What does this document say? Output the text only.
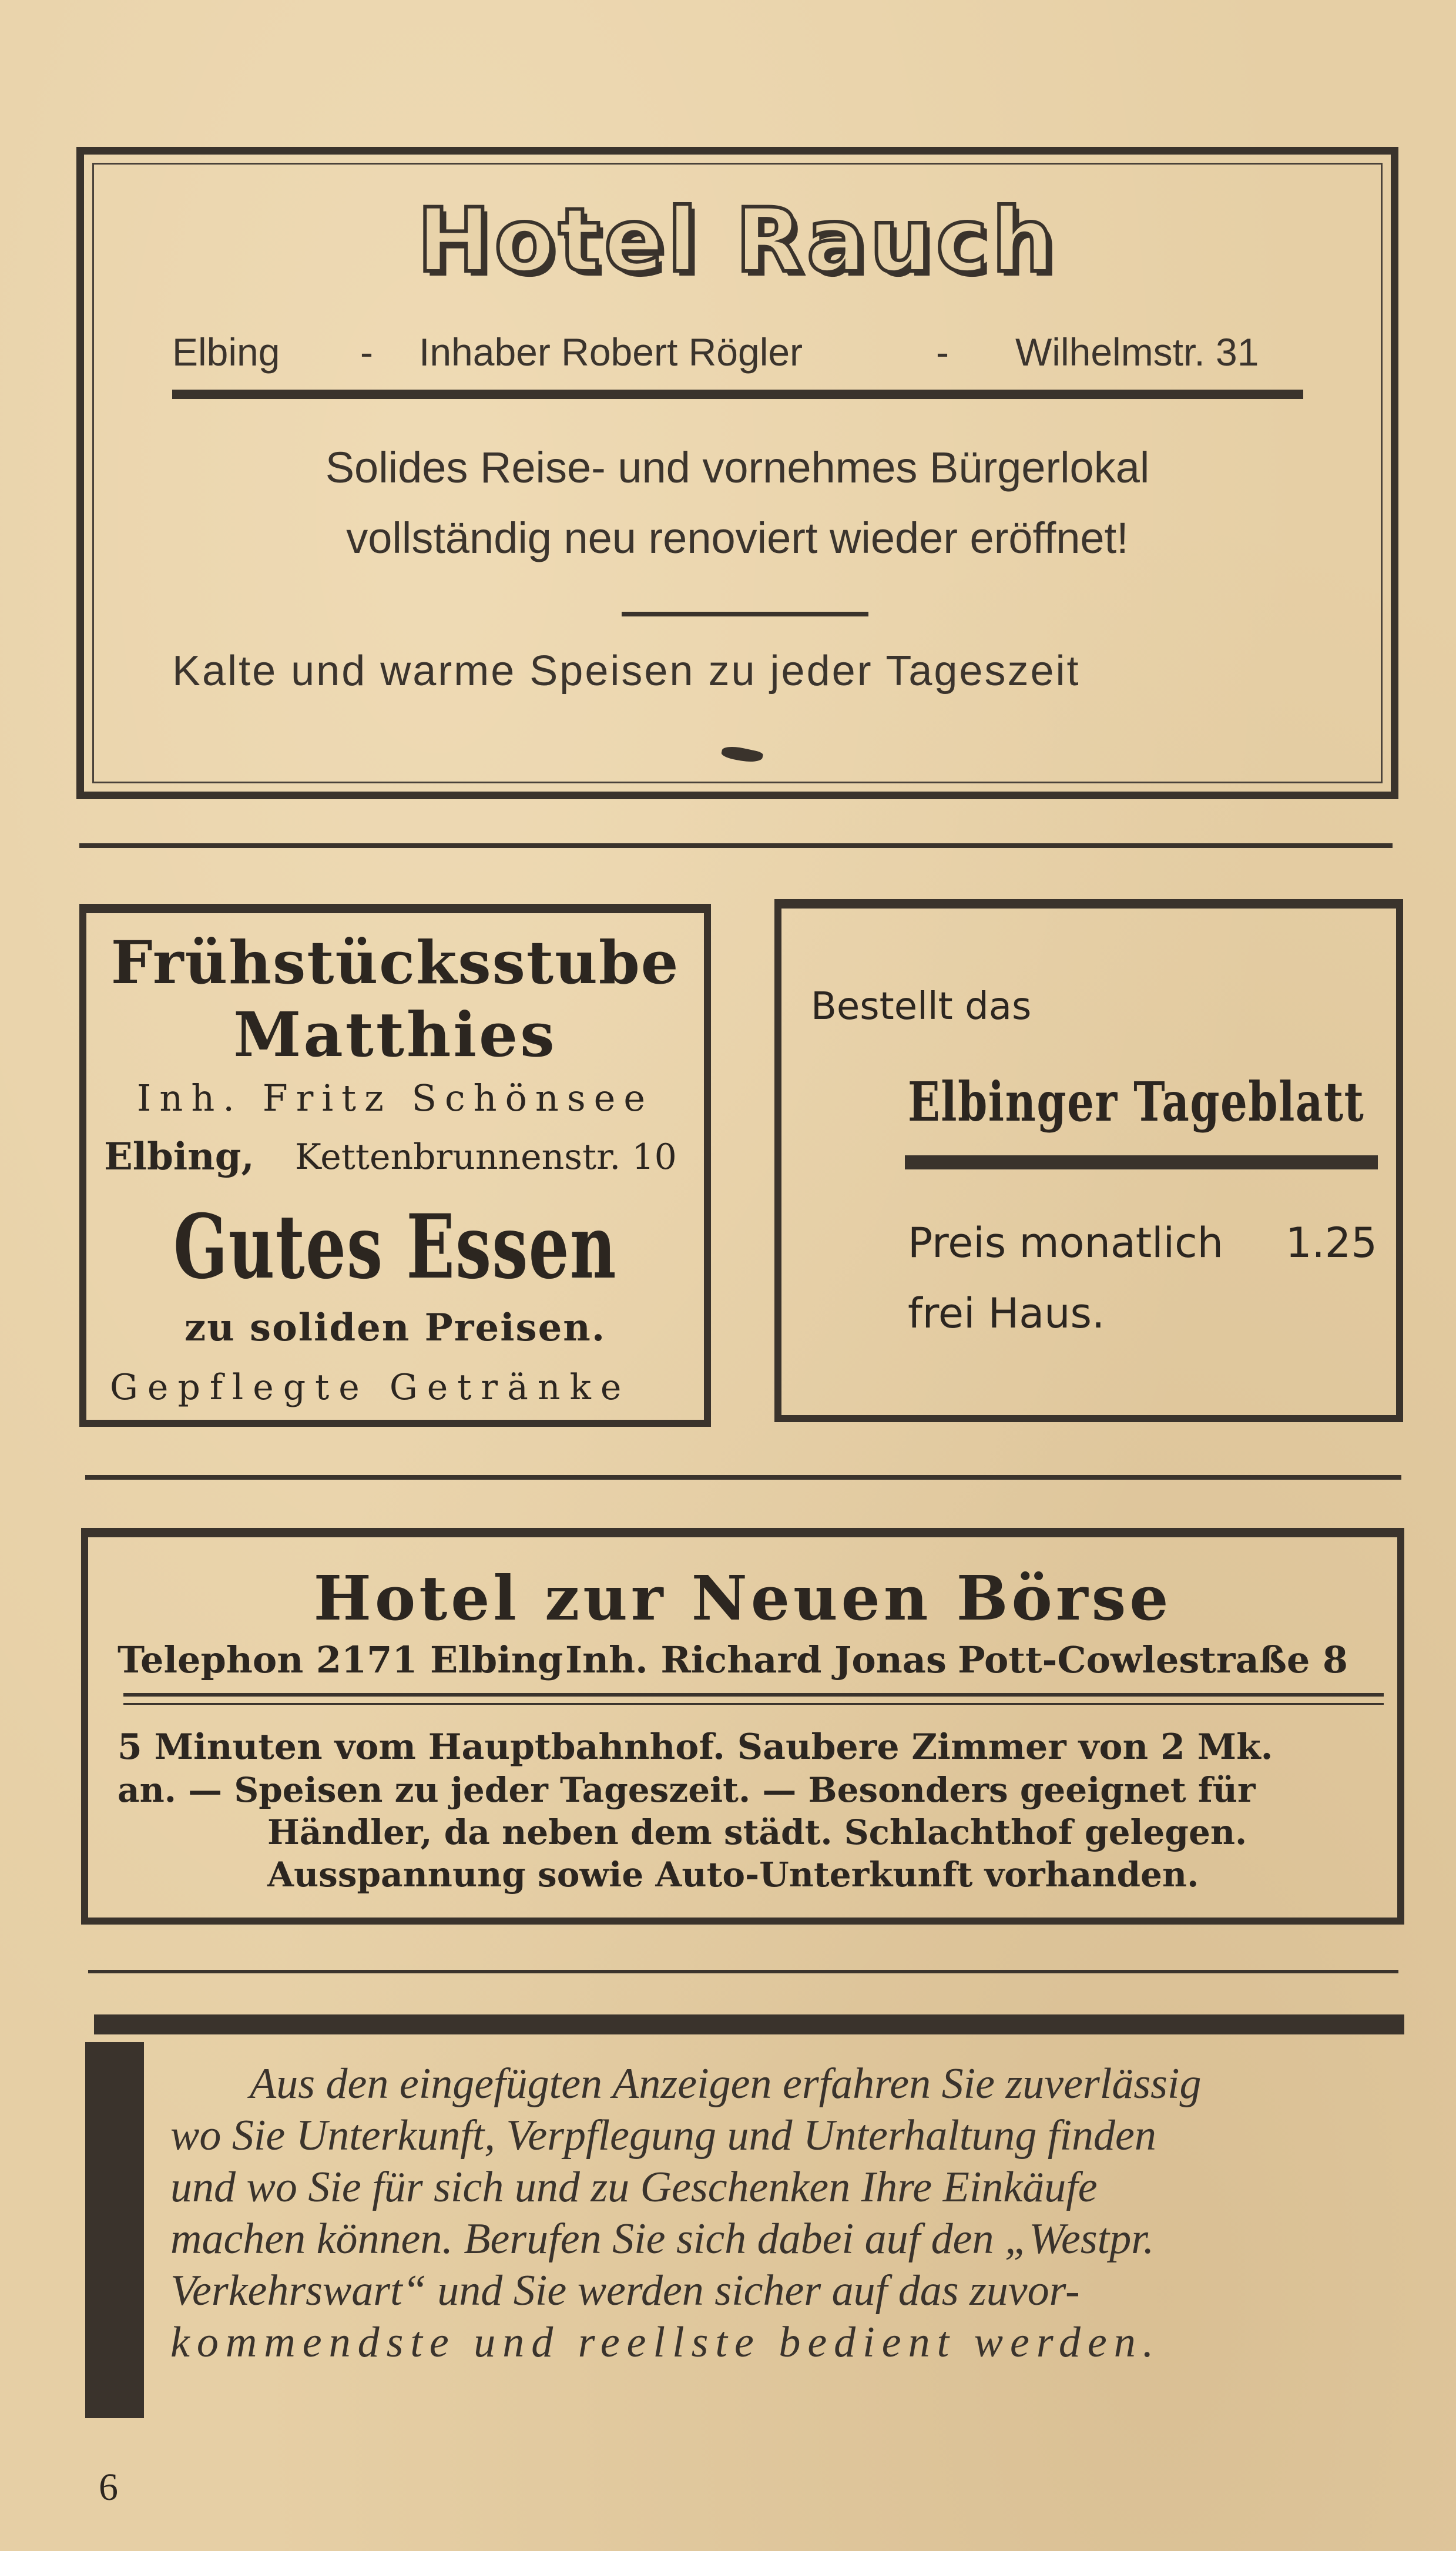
Hotel Rauch
Elbing - Inhaber Robert Rögler	- Wilhelmstr. 31
Solides Reise- und vornehmes Bürgerlokal
vollständig neu renoviert wieder eröffnet!
Kalte und warme Speisen zu jeder Tageszeit
Frühstücksstube
Matthies
Inh. Fritz Schönsee
Elbing, Kettenbrunnenstr. 10
Gutes Essen
zu soliden Preisen.
Gepflegte Getränke
Bestellt das
Elbinger Tageblatt
Preis monatlich 1.25
frei Haus.
Hotel zur Neuen Börse
Telephon 2171 Elbing Inh. Richard Jonas Pott-Cowlestraße 8
5 Minuten vom Hauptbahnhof. Saubere Zimmer von 2 Mk.
an. — Speisen zu jeder Tageszeit. — Besonders geeignet für
Händler, da neben dem städt. Schlachthof gelegen.
Ausspannung sowie Auto-Unterkunft vorhanden.
Aus den eingefügten Anzeigen erfahren Sie zuverlässig
wo Sie Unterkunft, Verpflegung und Unterhaltung finden
und wo Sie für sich und zu Geschenken Ihre Einkäufe
machen können. Berufen Sie sich dabei auf den „Westpr.
Verkehrswart“ und Sie werden sicher auf das zuvor-
kommendste und reellste bedient werden.
6
